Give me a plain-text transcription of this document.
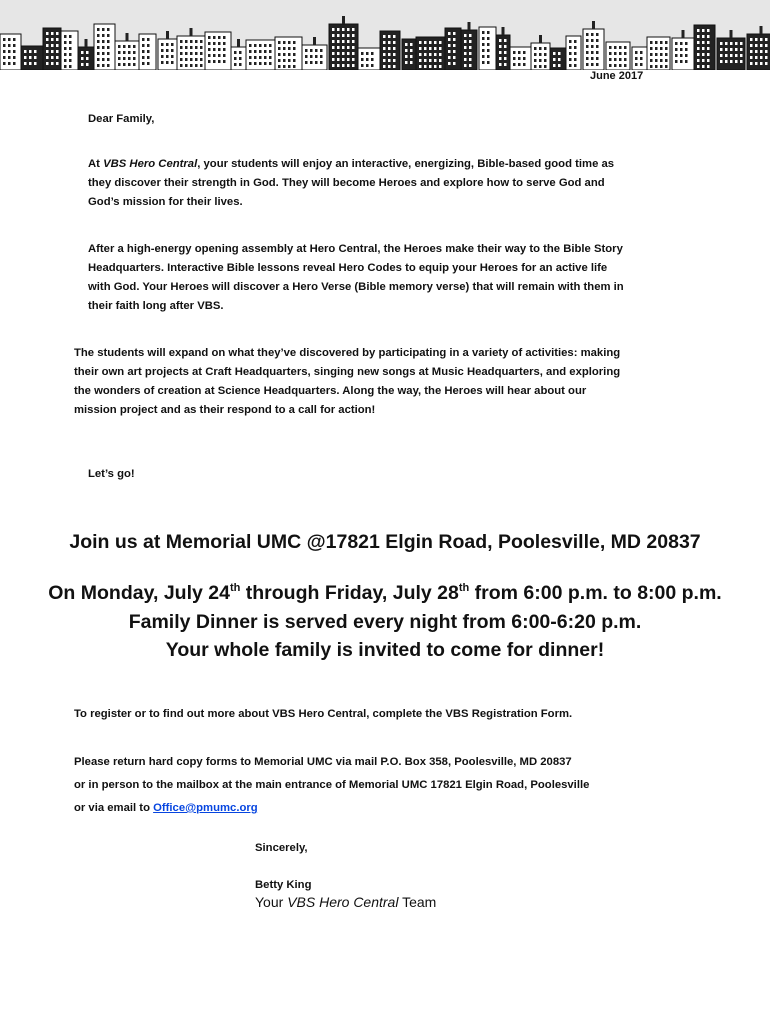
June 2017

Dear Family,

At VBS Hero Central, your students will enjoy an interactive, energizing, Bible-based good time as
they discover their strength in God. They will become Heroes and explore how to serve God and
God’s mission for their lives.

After a high-energy opening assembly at Hero Central, the Heroes make their way to the Bible Story
Headquarters. Interactive Bible lessons reveal Hero Codes to equip your Heroes for an active life
with God. Your Heroes will discover a Hero Verse (Bible memory verse) that will remain with them in
their faith long after VBS.

The students will expand on what they’ve discovered by participating in a variety of activities: making
their own art projects at Craft Headquarters, singing new songs at Music Headquarters, and exploring
the wonders of creation at Science Headquarters. Along the way, the Heroes will hear about our
mission project and as their respond to a call for action!

Let’s go!

Join us at Memorial UMC @17821 Elgin Road, Poolesville, MD 20837
On Monday, July 24th through Friday, July 28th from 6:00 p.m. to 8:00 p.m.
Family Dinner is served every night from 6:00-6:20 p.m.
Your whole family is invited to come for dinner!

To register or to find out more about VBS Hero Central, complete the VBS Registration Form.

Please return hard copy forms to Memorial UMC via mail P.O. Box 358, Poolesville, MD 20837
or in person to the mailbox at the main entrance of Memorial UMC 17821 Elgin Road, Poolesville
or via email to Office@pmumc.org

Sincerely,

Betty King

Your VBS Hero Central Team
